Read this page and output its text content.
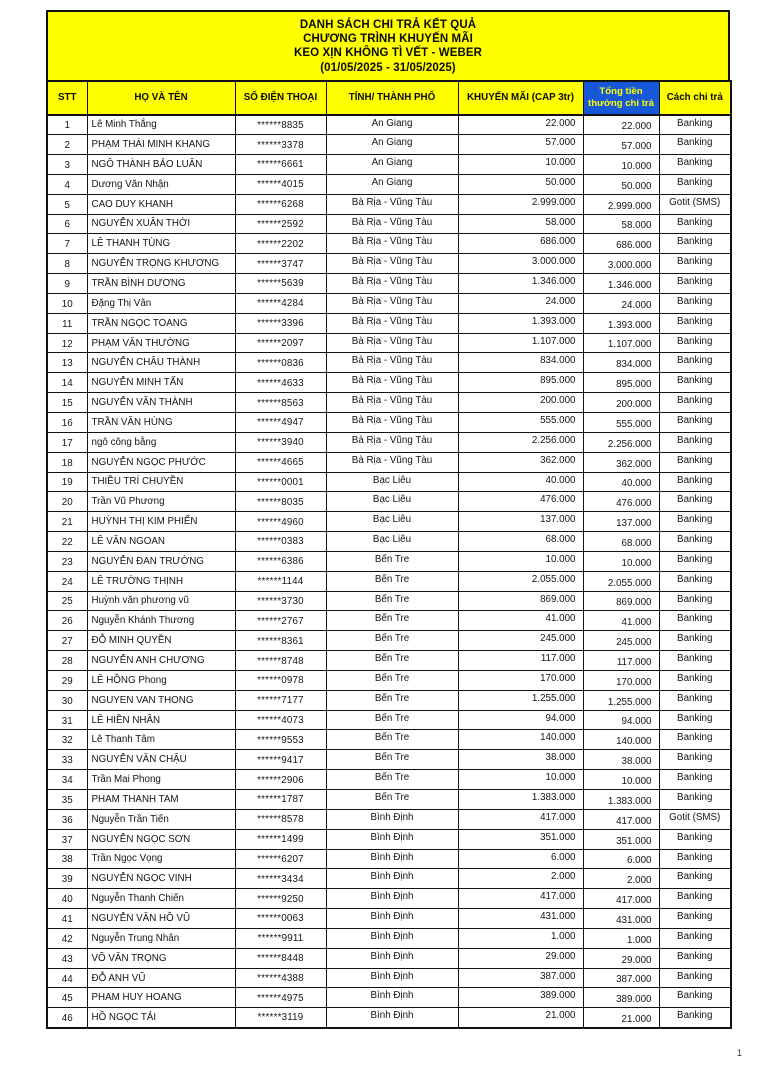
DANH SÁCH CHI TRẢ KẾT QUẢ
CHƯƠNG TRÌNH KHUYẾN MÃI
KEO XỊN KHÔNG TÌ VẾT - WEBER
(01/05/2025 - 31/05/2025)
STT	HỌ VÀ TÊN	SỐ ĐIỆN THOẠI	TỈNH/ THÀNH PHỐ	KHUYẾN MÃI (CAP 3tr)	Tổng tiền
thưởng chi trả	Cách chi trả
1	Lê Minh Thắng	******8835	An Giang	22.000	22.000	Banking
2	PHẠM THÁI MINH KHANG	******3378	An Giang	57.000	57.000	Banking
3	NGÔ THÀNH BẢO LUÂN	******6661	An Giang	10.000	10.000	Banking
4	Dương Văn Nhận	******4015	An Giang	50.000	50.000	Banking
5	CAO DUY KHANH	******6268	Bà Rịa - Vũng Tàu	2.999.000	2.999.000	Gotit (SMS)
6	NGUYỄN XUÂN THỜI	******2592	Bà Rịa - Vũng Tàu	58.000	58.000	Banking
7	LÊ THANH TÙNG	******2202	Bà Rịa - Vũng Tàu	686.000	686.000	Banking
8	NGUYỄN TRỌNG KHƯƠNG	******3747	Bà Rịa - Vũng Tàu	3.000.000	3.000.000	Banking
9	TRẦN BÌNH DƯƠNG	******5639	Bà Rịa - Vũng Tàu	1.346.000	1.346.000	Banking
10	Đặng Thị Vân	******4284	Bà Rịa - Vũng Tàu	24.000	24.000	Banking
11	TRẦN NGỌC TOANG	******3396	Bà Rịa - Vũng Tàu	1.393.000	1.393.000	Banking
12	PHẠM VĂN THƯỜNG	******2097	Bà Rịa - Vũng Tàu	1.107.000	1.107.000	Banking
13	NGUYỄN CHÂU THÀNH	******0836	Bà Rịa - Vũng Tàu	834.000	834.000	Banking
14	NGUYỄN MINH TẤN	******4633	Bà Rịa - Vũng Tàu	895.000	895.000	Banking
15	NGUYỄN VĂN THÀNH	******8563	Bà Rịa - Vũng Tàu	200.000	200.000	Banking
16	TRẦN VĂN HÙNG	******4947	Bà Rịa - Vũng Tàu	555.000	555.000	Banking
17	ngô công bằng	******3940	Bà Rịa - Vũng Tàu	2.256.000	2.256.000	Banking
18	NGUYỄN NGỌC PHƯỚC	******4665	Bà Rịa - Vũng Tàu	362.000	362.000	Banking
19	THIỀU TRÍ CHUYỀN	******0001	Bạc Liêu	40.000	40.000	Banking
20	Trần Vũ Phương	******8035	Bạc Liêu	476.000	476.000	Banking
21	HUỲNH THỊ KIM PHIẾN	******4960	Bạc Liêu	137.000	137.000	Banking
22	LÊ VĂN NGOAN	******0383	Bạc Liêu	68.000	68.000	Banking
23	NGUYỄN ĐAN TRƯỜNG	******6386	Bến Tre	10.000	10.000	Banking
24	LÊ TRƯỜNG THỊNH	******1144	Bến Tre	2.055.000	2.055.000	Banking
25	Huỳnh văn phương vũ	******3730	Bến Tre	869.000	869.000	Banking
26	Nguyễn Khánh Thương	******2767	Bến Tre	41.000	41.000	Banking
27	ĐỖ MINH QUYỀN	******8361	Bến Tre	245.000	245.000	Banking
28	NGUYỄN ANH CHƯƠNG	******8748	Bến Tre	117.000	117.000	Banking
29	LÊ HỒNG Phong	******0978	Bến Tre	170.000	170.000	Banking
30	NGUYEN VAN THONG	******7177	Bến Tre	1.255.000	1.255.000	Banking
31	LÊ HIỀN NHÂN	******4073	Bến Tre	94.000	94.000	Banking
32	Lê Thanh Tâm	******9553	Bến Tre	140.000	140.000	Banking
33	NGUYỄN VĂN CHẬU	******9417	Bến Tre	38.000	38.000	Banking
34	Trần Mai Phong	******2906	Bến Tre	10.000	10.000	Banking
35	PHAM THANH TAM	******1787	Bến Tre	1.383.000	1.383.000	Banking
36	Nguyễn Trần Tiến	******8578	Bình Định	417.000	417.000	Gotit (SMS)
37	NGUYỄN NGỌC SƠN	******1499	Bình Định	351.000	351.000	Banking
38	Trần Ngọc Vọng	******6207	Bình Định	6.000	6.000	Banking
39	NGUYỄN NGỌC VINH	******3434	Bình Định	2.000	2.000	Banking
40	Nguyễn Thanh Chiến	******9250	Bình Định	417.000	417.000	Banking
41	NGUYỄN VĂN HỒ VŨ	******0063	Bình Định	431.000	431.000	Banking
42	Nguyễn Trung Nhân	******9911	Bình Định	1.000	1.000	Banking
43	VÕ VĂN TRỌNG	******8448	Bình Định	29.000	29.000	Banking
44	ĐỖ ANH VŨ	******4388	Bình Định	387.000	387.000	Banking
45	PHAM HUY HOANG	******4975	Bình Định	389.000	389.000	Banking
46	HỒ NGỌC TẢI	******3119	Bình Định	21.000	21.000	Banking
1
